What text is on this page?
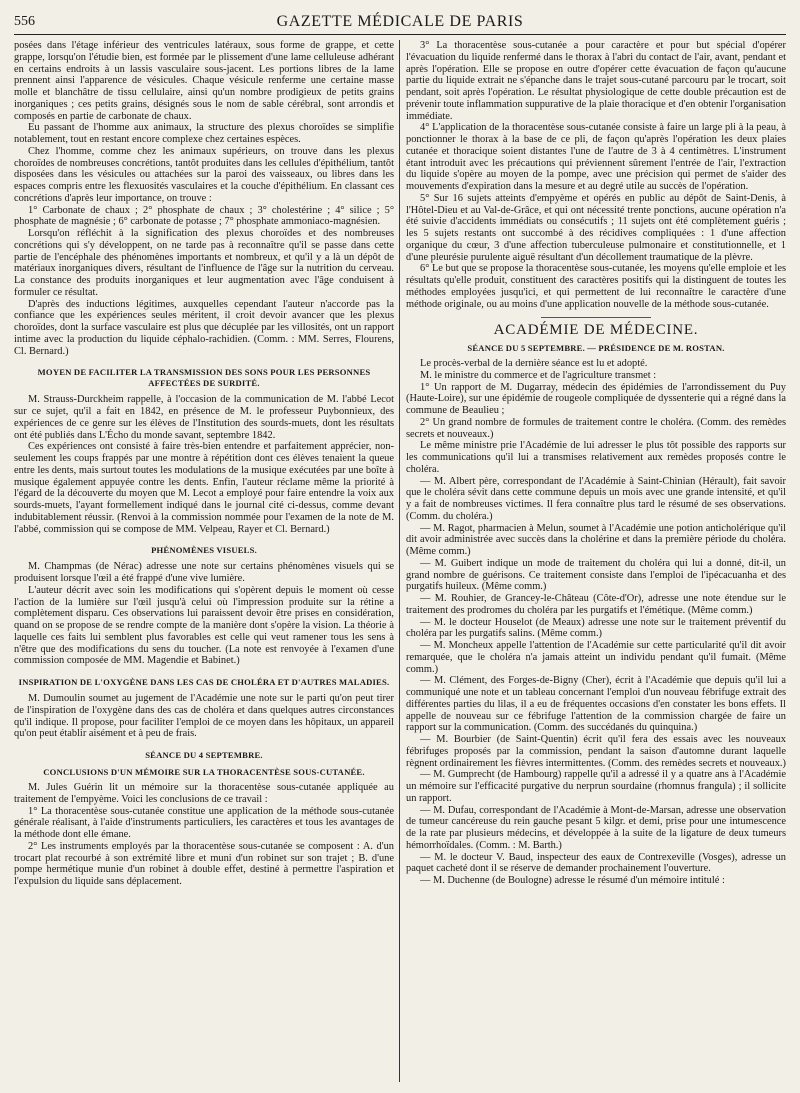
556	GAZETTE MÉDICALE DE PARIS

posées dans l'étage inférieur des ventricules latéraux, sous forme de grappe, et cette grappe, lorsqu'on l'étudie bien, est formée par le plissement d'une lame celluleuse adhérant en certains endroits à un lassis vasculaire sous-jacent. Les portions libres de la lame prennent ainsi l'apparence de vésicules. Chaque vésicule renferme une certaine masse molle et blanchâtre de tissu cellulaire, ainsi qu'un nombre prodigieux de petits grains inorganiques ; ces petits grains, désignés sous le nom de sable cérébral, sont arrondis et composés en partie de carbonate de chaux.

Eu passant de l'homme aux animaux, la structure des plexus choroïdes se simplifie notablement, tout en restant encore complexe chez certaines espèces.

Chez l'homme, comme chez les animaux supérieurs, on trouve dans les plexus choroïdes de nombreuses concrétions, tantôt produites dans les cellules d'épithélium, tantôt disposées dans les vésicules ou attachées sur la paroi des vaisseaux, ou libres dans les espaces compris entre les flexuosités vasculaires et la couche d'épithélium. En classant ces concrétions d'après leur importance, on trouve :

1° Carbonate de chaux ; 2° phosphate de chaux ; 3° cholestérine ; 4° silice ; 5° phosphate de magnésie ; 6° carbonate de potasse ; 7° phosphate ammoniaco-magnésien.

Lorsqu'on réfléchit à la signification des plexus choroïdes et des nombreuses concrétions qui s'y développent, on ne tarde pas à reconnaître qu'il se passe dans cette partie de l'encéphale des phénomènes importants et nombreux, et qu'il y a là un dépôt de matériaux inorganiques divers, résultant de l'influence de l'âge sur la nutrition du cerveau. La constance des produits inorganiques et leur augmentation avec l'âge conduisent à formuler ce résultat.

D'après des inductions légitimes, auxquelles cependant l'auteur n'accorde pas la confiance que les expériences seules méritent, il croit devoir avancer que les plexus choroïdes, dont la surface vasculaire est plus que décuplée par les villosités, ont un rapport intime avec la production du liquide céphalo-rachidien. (Comm. : MM. Serres, Flourens, Cl. Bernard.)

MOYEN DE FACILITER LA TRANSMISSION DES SONS POUR LES PERSONNES AFFECTÉES DE SURDITÉ.

M. Strauss-Durckheim rappelle, à l'occasion de la communication de M. l'abbé Lecot sur ce sujet, qu'il a fait en 1842, en présence de M. le professeur Puybonnieux, des expériences de ce genre sur les élèves de l'Institution des sourds-muets, dont les résultats ont été publiés dans L'Écho du monde savant, septembre 1842.

Ces expériences ont consisté à faire très-bien entendre et parfaitement apprécier, non-seulement les coups frappés par une montre à répétition dont ces élèves tenaient la queue entre les dents, mais surtout toutes les modulations de la musique exécutées par une boîte à musique également appuyée contre les dents. Enfin, l'auteur réclame même la priorité à l'égard de la découverte du moyen que M. Lecot a employé pour faire entendre la voix aux sourds-muets, l'ayant formellement indiqué dans le journal cité ci-dessus, comme devant indubitablement réussir. (Renvoi à la commission nommée pour l'examen de la note de M. l'abbé, commission qui se compose de MM. Velpeau, Rayer et Cl. Bernard.)

PHÉNOMÈNES VISUELS.

M. Champmas (de Nérac) adresse une note sur certains phénomènes visuels qui se produisent lorsque l'œil a été frappé d'une vive lumière.

L'auteur décrit avec soin les modifications qui s'opèrent depuis le moment où cesse l'action de la lumière sur l'œil jusqu'à celui où l'impression produite sur la rétine a complètement disparu. Ces observations lui paraissent devoir être prises en considération, quand on se propose de se rendre compte de la manière dont s'opère la vision. La théorie à laquelle ces faits lui semblent plus favorables est celle qui veut ramener tous les sens à n'être que des modifications du sens du toucher. (La note est renvoyée à l'examen d'une commission composée de MM. Magendie et Babinet.)

INSPIRATION DE L'OXYGÈNE DANS LES CAS DE CHOLÉRA ET D'AUTRES MALADIES.

M. Dumoulin soumet au jugement de l'Académie une note sur le parti qu'on peut tirer de l'inspiration de l'oxygène dans des cas de choléra et dans quelques autres circonstances qu'il indique. Il propose, pour faciliter l'emploi de ce moyen dans les hôpitaux, un appareil qu'on peut établir aisément et à peu de frais.

SÉANCE DU 4 SEPTEMBRE.
CONCLUSIONS D'UN MÉMOIRE SUR LA THORACENTÈSE SOUS-CUTANÉE.

M. Jules Guérin lit un mémoire sur la thoracentèse sous-cutanée appliquée au traitement de l'empyème. Voici les conclusions de ce travail :

1° La thoracentèse sous-cutanée constitue une application de la méthode sous-cutanée générale réalisant, à l'aide d'instruments particuliers, les caractères et tous les avantages de la méthode dont elle émane.

2° Les instruments employés par la thoracentèse sous-cutanée se composent : A. d'un trocart plat recourbé à son extrémité libre et muni d'un robinet sur son trajet ; B. d'une pompe hermétique munie d'un robinet à double effet, destiné à permettre l'aspiration et l'expulsion du liquide sans déplacement.

3° La thoracentèse sous-cutanée a pour caractère et pour but spécial d'opérer l'évacuation du liquide renfermé dans le thorax à l'abri du contact de l'air, avant, pendant et après l'opération. Elle se propose en outre d'opérer cette évacuation de façon qu'aucune partie du liquide extrait ne s'épanche dans le trajet sous-cutané parcouru par le trocart, soit pendant, soit après l'opération. Le résultat physiologique de cette double précaution est de prévenir toute inflammation suppurative de la plaie thoracique et d'en obtenir l'organisation immédiate.

4° L'application de la thoracentèse sous-cutanée consiste à faire un large pli à la peau, à ponctionner le thorax à la base de ce pli, de façon qu'après l'opération les deux plaies cutanée et thoracique soient distantes l'une de l'autre de 3 à 4 centimètres. L'instrument étant introduit avec les précautions qui préviennent sûrement l'entrée de l'air, l'extraction du liquide s'opère au moyen de la pompe, avec une précision qui permet de s'aider des mouvements d'expiration dans la mesure et au degré utile au succès de l'opération.

5° Sur 16 sujets atteints d'empyème et opérés en public au dépôt de Saint-Denis, à l'Hôtel-Dieu et au Val-de-Grâce, et qui ont nécessité trente ponctions, aucune opération n'a été suivie d'accidents immédiats ou consécutifs ; 11 sujets ont été complètement guéris ; les 5 sujets restants ont succombé à des récidives compliquées : 1 d'une affection organique du cœur, 3 d'une affection tuberculeuse pulmonaire et constitutionnelle, et 1 d'une pleurésie purulente aiguë résultant d'un décollement traumatique de la plèvre.

6° Le but que se propose la thoracentèse sous-cutanée, les moyens qu'elle emploie et les résultats qu'elle produit, constituent des caractères positifs qui la distinguent de toutes les méthodes employées jusqu'ici, et qui permettent de lui reconnaître le caractère d'une méthode originale, ou au moins d'une application nouvelle de la méthode sous-cutanée.

ACADÉMIE DE MÉDECINE.
SÉANCE DU 5 SEPTEMBRE. — PRÉSIDENCE DE M. ROSTAN.

Le procès-verbal de la dernière séance est lu et adopté.

M. le ministre du commerce et de l'agriculture transmet :

1° Un rapport de M. Dugarray, médecin des épidémies de l'arrondissement du Puy (Haute-Loire), sur une épidémie de rougeole compliquée de dyssenterie qui a régné dans la commune de Beaulieu ;

2° Un grand nombre de formules de traitement contre le choléra. (Comm. des remèdes secrets et nouveaux.)

Le même ministre prie l'Académie de lui adresser le plus tôt possible des rapports sur les communications qu'il lui a transmises relativement aux remèdes proposés contre le choléra.

— M. Albert père, correspondant de l'Académie à Saint-Chinian (Hérault), fait savoir que le choléra sévit dans cette commune depuis un mois avec une grande intensité, et qu'il y a fait de nombreuses victimes. Il fera connaître plus tard le résumé de ses observations. (Comm. du choléra.)

— M. Ragot, pharmacien à Melun, soumet à l'Académie une potion anticholérique qu'il dit avoir administrée avec succès dans la cholérine et dans la première période du choléra. (Même comm.)

— M. Guibert indique un mode de traitement du choléra qui lui a donné, dit-il, un grand nombre de guérisons. Ce traitement consiste dans l'emploi de l'ipécacuanha et des purgatifs huileux. (Même comm.)

— M. Rouhier, de Grancey-le-Château (Côte-d'Or), adresse une note étendue sur le traitement des prodromes du choléra par les purgatifs et l'émétique. (Même comm.)

— M. le docteur Houselot (de Meaux) adresse une note sur le traitement préventif du choléra par les purgatifs salins. (Même comm.)

— M. Moncheux appelle l'attention de l'Académie sur cette particularité qu'il dit avoir remarquée, que le choléra n'a jamais atteint un individu pendant qu'il fumait. (Même comm.)

— M. Clément, des Forges-de-Bigny (Cher), écrit à l'Académie que depuis qu'il lui a communiqué une note et un tableau concernant l'emploi d'un nouveau fébrifuge extrait des différentes parties du lilas, il a eu de fréquentes occasions d'en constater les bons effets. Il appelle de nouveau sur ce fébrifuge l'attention de la commission chargée de faire un rapport sur la communication. (Comm. des succédanés du quinquina.)

— M. Bourbier (de Saint-Quentin) écrit qu'il fera des essais avec les nouveaux fébrifuges proposés par la commission, pendant la saison d'automne durant laquelle règnent ordinairement les fièvres intermittentes. (Comm. des remèdes secrets et nouveaux.)

— M. Gumprecht (de Hambourg) rappelle qu'il a adressé il y a quatre ans à l'Académie un mémoire sur l'efficacité purgative du nerprun sourdaine (rhomnus frangula) ; il sollicite un rapport.

— M. Dufau, correspondant de l'Académie à Mont-de-Marsan, adresse une observation de tumeur cancéreuse du rein gauche pesant 5 kilgr. et demi, prise pour une intumescence de la rate par plusieurs médecins, et développée à la suite de la ligature de deux tumeurs hémorrhoïdales. (Comm. : M. Barth.)

— M. le docteur V. Baud, inspecteur des eaux de Contrexeville (Vosges), adresse un paquet cacheté dont il se réserve de demander prochainement l'ouverture.

— M. Duchenne (de Boulogne) adresse le résumé d'un mémoire intitulé :
